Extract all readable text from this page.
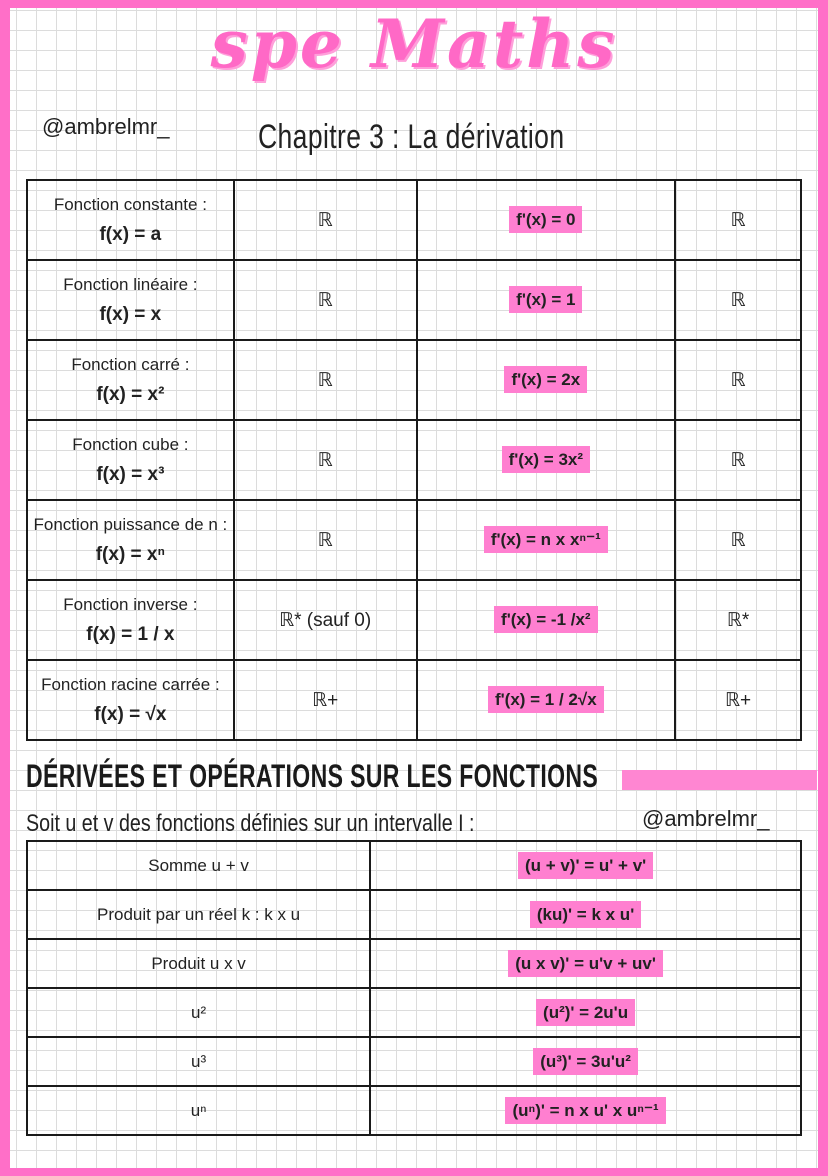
spe Maths
@ambrelmr_	Chapitre 3 : La dérivation
Fonction constante :
f(x) = a	ℝ	f'(x) = 0	ℝ

Fonction linéaire :
f(x) = x	ℝ	f'(x) = 1	ℝ

Fonction carré :
f(x) = x²	ℝ	f'(x) = 2x	ℝ

Fonction cube :
f(x) = x³	ℝ	f'(x) = 3x²	ℝ

Fonction puissance de n :
f(x) = xⁿ	ℝ	f'(x) = n x xⁿ⁻¹	ℝ

Fonction inverse :
f(x) = 1 / x	ℝ* (sauf 0)	f'(x) = -1 /x²	ℝ*

Fonction racine carrée :
f(x) = √x	ℝ+	f'(x) = 1 / 2√x	ℝ+
DÉRIVÉES ET OPÉRATIONS SUR LES FONCTIONS
Soit u et v des fonctions définies sur un intervalle I :	@ambrelmr_
Somme u + v	(u + v)' = u' + v'
Produit par un réel k : k x u	(ku)' = k x u'
Produit u x v	(u x v)' = u'v + uv'
u²	(u²)' = 2u'u
u³	(u³)' = 3u'u²
uⁿ	(uⁿ)' = n x u' x uⁿ⁻¹
